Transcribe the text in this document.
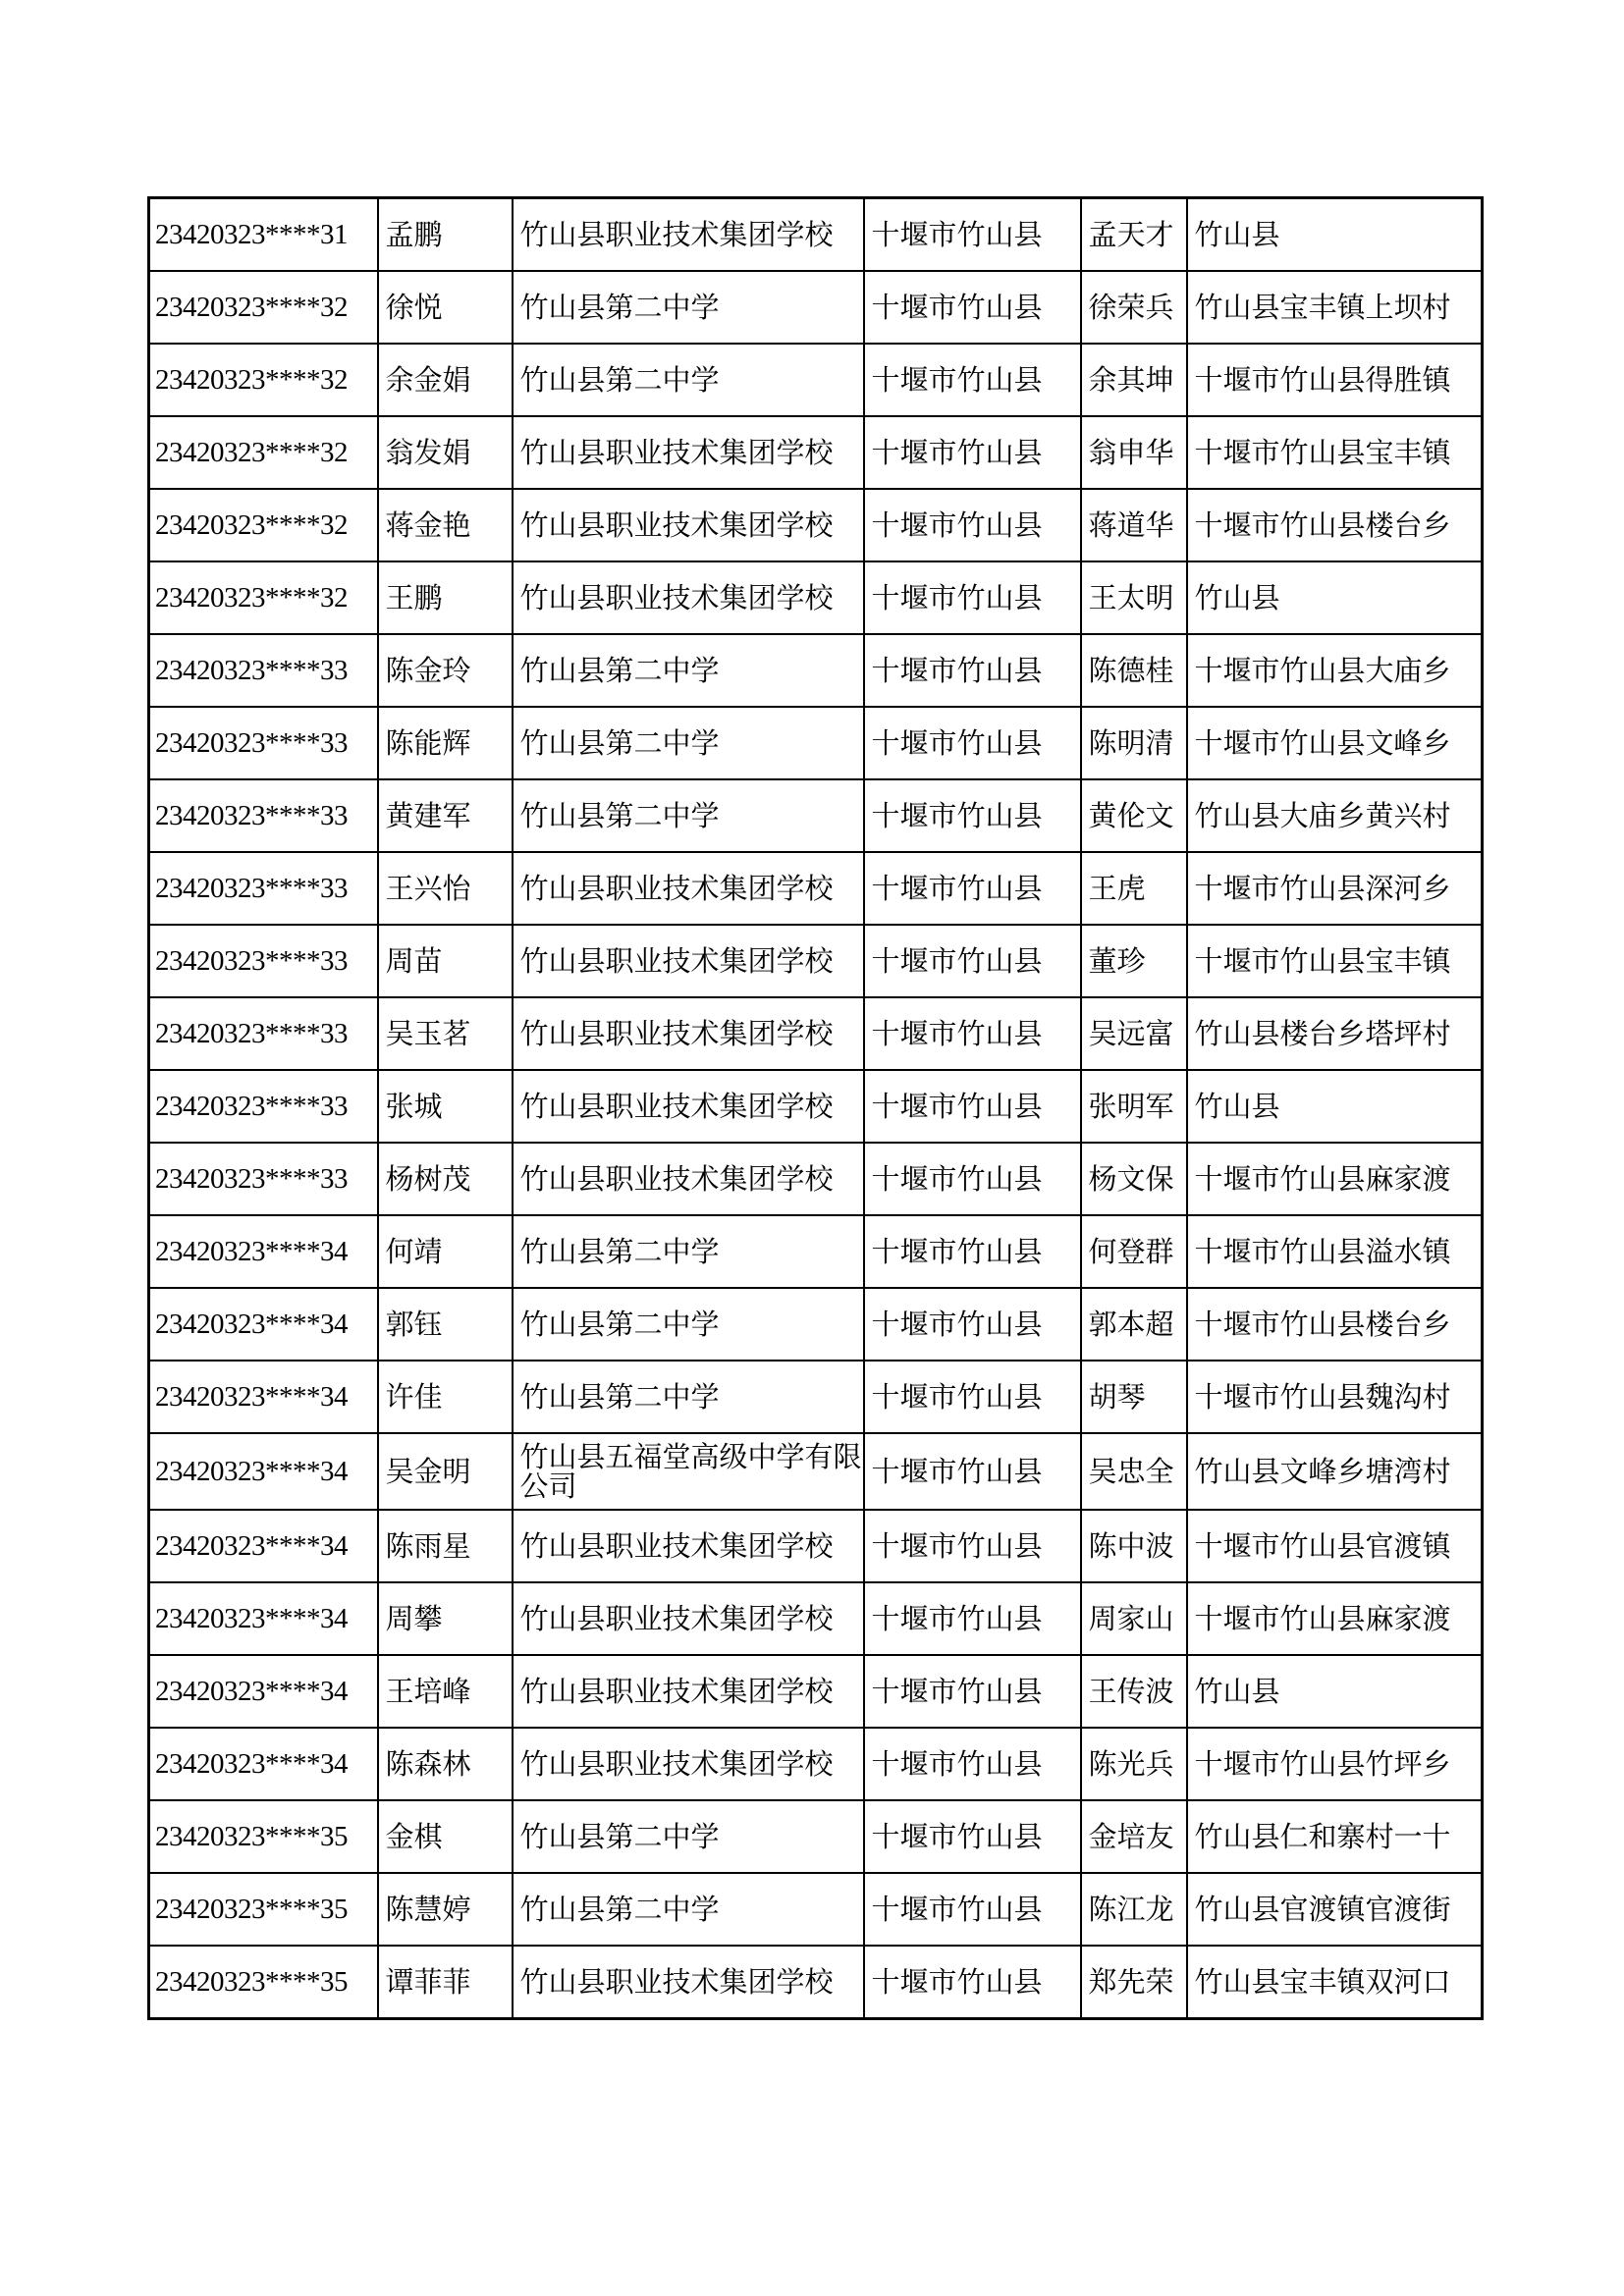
23420323****31	孟鹏	竹山县职业技术集团学校	十堰市竹山县	孟天才	竹山县
23420323****32	徐悦	竹山县第二中学	十堰市竹山县	徐荣兵	竹山县宝丰镇上坝村
23420323****32	余金娟	竹山县第二中学	十堰市竹山县	余其坤	十堰市竹山县得胜镇
23420323****32	翁发娟	竹山县职业技术集团学校	十堰市竹山县	翁申华	十堰市竹山县宝丰镇
23420323****32	蒋金艳	竹山县职业技术集团学校	十堰市竹山县	蒋道华	十堰市竹山县楼台乡
23420323****32	王鹏	竹山县职业技术集团学校	十堰市竹山县	王太明	竹山县
23420323****33	陈金玲	竹山县第二中学	十堰市竹山县	陈德桂	十堰市竹山县大庙乡
23420323****33	陈能辉	竹山县第二中学	十堰市竹山县	陈明清	十堰市竹山县文峰乡
23420323****33	黄建军	竹山县第二中学	十堰市竹山县	黄伦文	竹山县大庙乡黄兴村
23420323****33	王兴怡	竹山县职业技术集团学校	十堰市竹山县	王虎	十堰市竹山县深河乡
23420323****33	周苗	竹山县职业技术集团学校	十堰市竹山县	董珍	十堰市竹山县宝丰镇
23420323****33	吴玉茗	竹山县职业技术集团学校	十堰市竹山县	吴远富	竹山县楼台乡塔坪村
23420323****33	张城	竹山县职业技术集团学校	十堰市竹山县	张明军	竹山县
23420323****33	杨树茂	竹山县职业技术集团学校	十堰市竹山县	杨文保	十堰市竹山县麻家渡
23420323****34	何靖	竹山县第二中学	十堰市竹山县	何登群	十堰市竹山县溢水镇
23420323****34	郭钰	竹山县第二中学	十堰市竹山县	郭本超	十堰市竹山县楼台乡
23420323****34	许佳	竹山县第二中学	十堰市竹山县	胡琴	十堰市竹山县魏沟村
23420323****34	吴金明	竹山县五福堂高级中学有限公司	十堰市竹山县	吴忠全	竹山县文峰乡塘湾村
23420323****34	陈雨星	竹山县职业技术集团学校	十堰市竹山县	陈中波	十堰市竹山县官渡镇
23420323****34	周攀	竹山县职业技术集团学校	十堰市竹山县	周家山	十堰市竹山县麻家渡
23420323****34	王培峰	竹山县职业技术集团学校	十堰市竹山县	王传波	竹山县
23420323****34	陈森林	竹山县职业技术集团学校	十堰市竹山县	陈光兵	十堰市竹山县竹坪乡
23420323****35	金棋	竹山县第二中学	十堰市竹山县	金培友	竹山县仁和寨村一十
23420323****35	陈慧婷	竹山县第二中学	十堰市竹山县	陈江龙	竹山县官渡镇官渡街
23420323****35	谭菲菲	竹山县职业技术集团学校	十堰市竹山县	郑先荣	竹山县宝丰镇双河口
